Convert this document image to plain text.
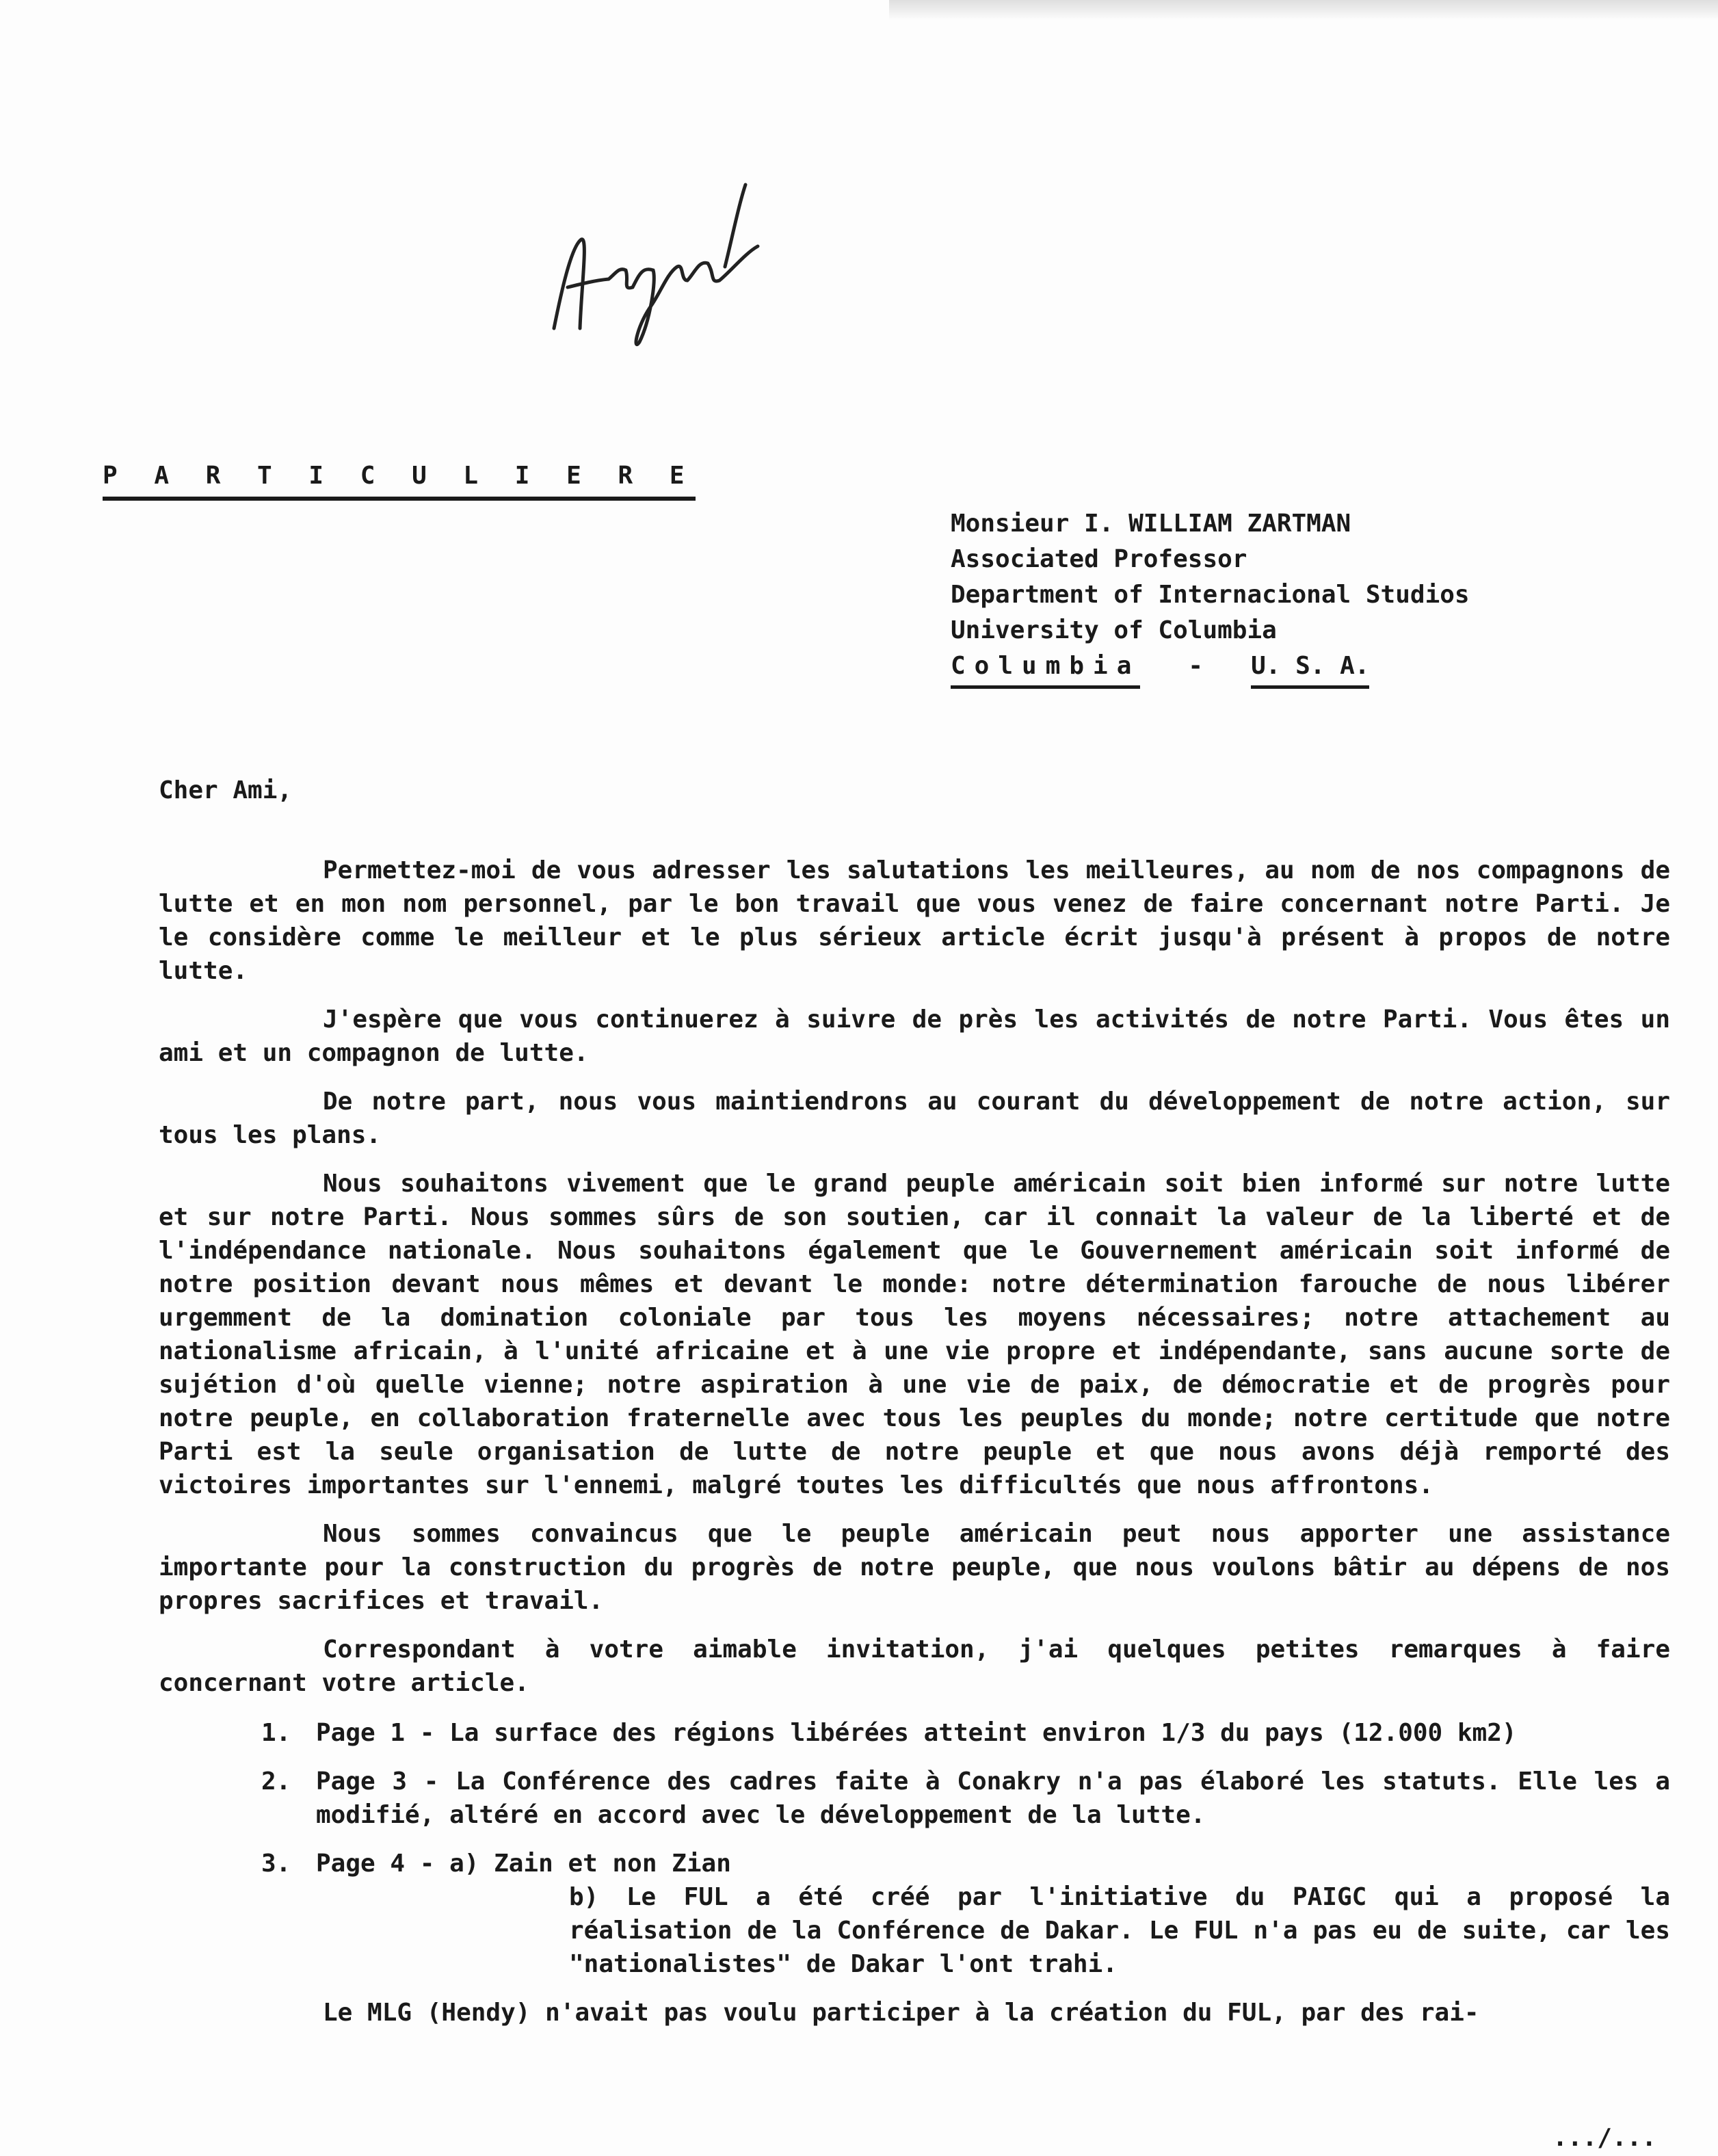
P A R T I C U L I E R E
Monsieur I. WILLIAM ZARTMAN
Associated Professor
Department of Internacional Studios
University of Columbia
Columbia - U. S. A.
Cher Ami,

Permettez-moi de vous adresser les salutations les meilleures, au nom de nos compagnons de lutte et en mon nom personnel, par le bon travail que vous venez de faire concernant notre Parti. Je le considère comme le meilleur et le plus sérieux article écrit jusqu'à présent à propos de notre lutte.

J'espère que vous continuerez à suivre de près les activités de notre Parti. Vous êtes un ami et un compagnon de lutte.

De notre part, nous vous maintiendrons au courant du développement de notre action, sur tous les plans.

Nous souhaitons vivement que le grand peuple américain soit bien informé sur notre lutte et sur notre Parti. Nous sommes sûrs de son soutien, car il connait la valeur de la liberté et de l'indépendance nationale. Nous souhaitons également que le Gouvernement américain soit informé de notre position devant nous mêmes et devant le monde: notre détermination farouche de nous libérer urgemment de la domination coloniale par tous les moyens nécessaires; notre attachement au nationalisme africain, à l'unité africaine et à une vie propre et indépendante, sans aucune sorte de sujétion d'où quelle vienne; notre aspiration à une vie de paix, de démocratie et de progrès pour notre peuple, en collaboration fraternelle avec tous les peuples du monde; notre certitude que notre Parti est la seule organisation de lutte de notre peuple et que nous avons déjà remporté des victoires importantes sur l'ennemi, malgré toutes les difficultés que nous affrontons.

Nous sommes convaincus que le peuple américain peut nous apporter une assistance importante pour la construction du progrès de notre peuple, que nous voulons bâtir au dépens de nos propres sacrifices et travail.

Correspondant à votre aimable invitation, j'ai quelques petites remarques à faire concernant votre article.

1. Page 1 - La surface des régions libérées atteint environ 1/3 du pays (12.000 km2)
2. Page 3 - La Conférence des cadres faite à Conakry n'a pas élaboré les statuts. Elle les a modifié, altéré en accord avec le développement de la lutte.
3. Page 4 - a) Zain et non Zian
b) Le FUL a été créé par l'initiative du PAIGC qui a proposé la réalisation de la Conférence de Dakar. Le FUL n'a pas eu de suite, car les "nationalistes" de Dakar l'ont trahi.

Le MLG (Hendy) n'avait pas voulu participer à la création du FUL, par des rai-

.../...
